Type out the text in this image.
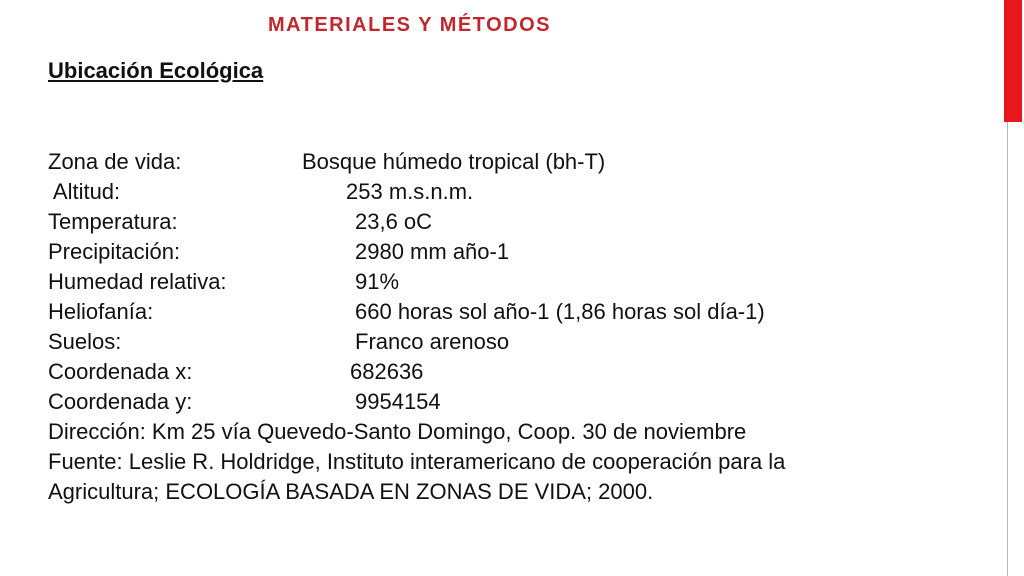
MATERIALES Y MÉTODOS
Ubicación Ecológica
Zona de vida:	Bosque húmedo tropical (bh-T)
Altitud:	253 m.s.n.m.
Temperatura:	23,6 oC
Precipitación:	2980 mm año-1
Humedad relativa:	91%
Heliofanía:	660 horas sol año-1 (1,86 horas sol día-1)
Suelos:	Franco arenoso
Coordenada x:	682636
Coordenada y:	9954154
Dirección: Km 25 vía Quevedo-Santo Domingo, Coop. 30 de noviembre
Fuente: Leslie R. Holdridge, Instituto interamericano de cooperación para la
Agricultura; ECOLOGÍA BASADA EN ZONAS DE VIDA; 2000.
